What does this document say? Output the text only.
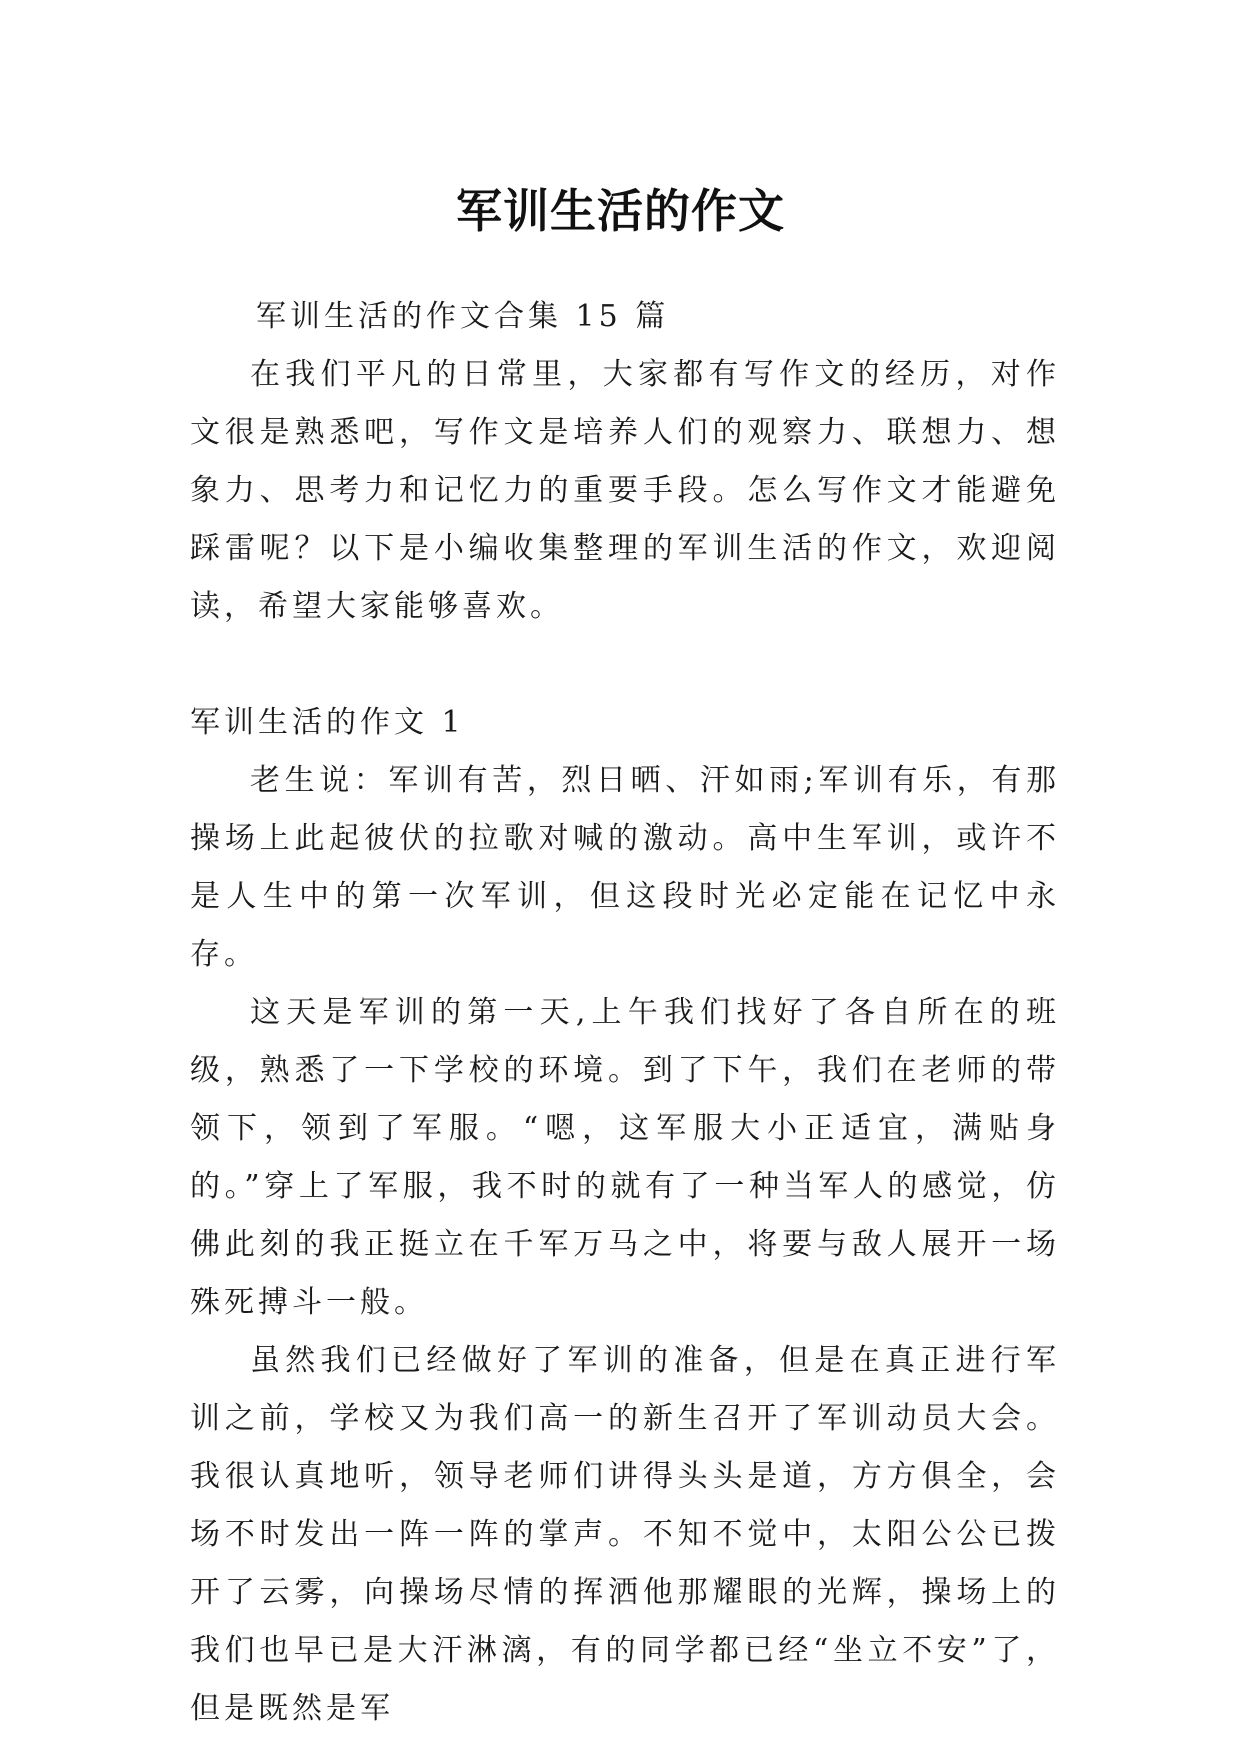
军训生活的作文

军训生活的作文合集 15 篇

在我们平凡的日常里，大家都有写作文的经历，对作文很是熟悉吧，写作文是培养人们的观察力、联想力、想象力、思考力和记忆力的重要手段。怎么写作文才能避免踩雷呢？以下是小编收集整理的军训生活的作文，欢迎阅读，希望大家能够喜欢。

军训生活的作文 1

老生说：军训有苦，烈日晒、汗如雨;军训有乐，有那操场上此起彼伏的拉歌对喊的激动。高中生军训，或许不是人生中的第一次军训，但这段时光必定能在记忆中永存。

这天是军训的第一天,上午我们找好了各自所在的班级，熟悉了一下学校的环境。到了下午，我们在老师的带领下，领到了军服。“嗯，这军服大小正适宜，满贴身的。”穿上了军服，我不时的就有了一种当军人的感觉，仿佛此刻的我正挺立在千军万马之中，将要与敌人展开一场殊死搏斗一般。

虽然我们已经做好了军训的准备，但是在真正进行军训之前，学校又为我们高一的新生召开了军训动员大会。我很认真地听，领导老师们讲得头头是道，方方俱全，会场不时发出一阵一阵的掌声。不知不觉中，太阳公公已拨开了云雾，向操场尽情的挥洒他那耀眼的光辉，操场上的我们也早已是大汗淋漓，有的同学都已经“坐立不安”了，但是既然是军
